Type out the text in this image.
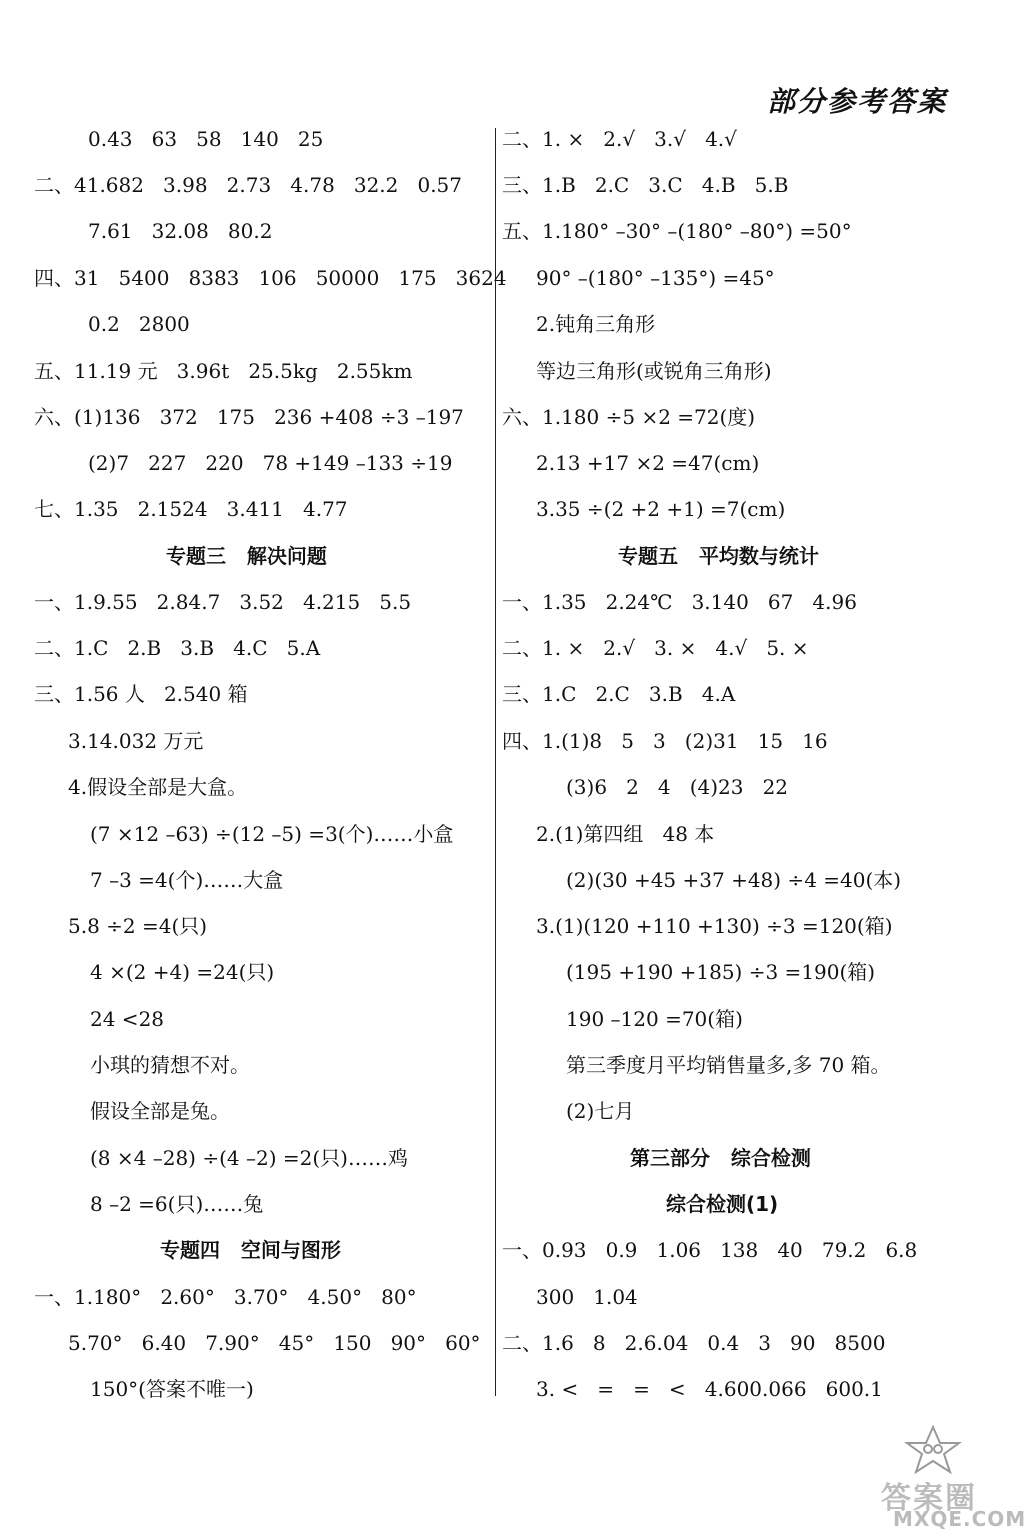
部分参考答案
0.43   63   58   140   25
二、41.682   3.98   2.73   4.78   32.2   0.57
7.61   32.08   80.2
四、31   5400   8383   106   50000   175   3624
0.2   2800
五、11.19 元   3.96t   25.5kg   2.55km
六、(1)136   372   175   236 +408 ÷3 –197
(2)7   227   220   78 +149 –133 ÷19
七、1.35   2.1524   3.411   4.77
专题三   解决问题
一、1.9.55   2.84.7   3.52   4.215   5.5
二、1.C   2.B   3.B   4.C   5.A
三、1.56 人   2.540 箱
3.14.032 万元
4.假设全部是大盒。
(7 ×12 –63) ÷(12 –5) =3(个)……小盒
7 –3 =4(个)……大盒
5.8 ÷2 =4(只)
4 ×(2 +4) =24(只)
24 <28
小琪的猜想不对。
假设全部是兔。
(8 ×4 –28) ÷(4 –2) =2(只)……鸡
8 –2 =6(只)……兔
专题四   空间与图形
一、1.180°   2.60°   3.70°   4.50°   80°
5.70°   6.40   7.90°   45°   150   90°   60°
150°(答案不唯一)
二、1. ×   2.√   3.√   4.√
三、1.B   2.C   3.C   4.B   5.B
五、1.180° –30° –(180° –80°) =50°
90° –(180° –135°) =45°
2.钝角三角形
等边三角形(或锐角三角形)
六、1.180 ÷5 ×2 =72(度)
2.13 +17 ×2 =47(cm)
3.35 ÷(2 +2 +1) =7(cm)
专题五   平均数与统计
一、1.35   2.24℃   3.140   67   4.96
二、1. ×   2.√   3. ×   4.√   5. ×
三、1.C   2.C   3.B   4.A
四、1.(1)8   5   3   (2)31   15   16
(3)6   2   4   (4)23   22
2.(1)第四组   48 本
(2)(30 +45 +37 +48) ÷4 =40(本)
3.(1)(120 +110 +130) ÷3 =120(箱)
(195 +190 +185) ÷3 =190(箱)
190 –120 =70(箱)
第三季度月平均销售量多,多 70 箱。
(2)七月
第三部分   综合检测
综合检测(1)
一、0.93   0.9   1.06   138   40   79.2   6.8
300   1.04
二、1.6   8   2.6.04   0.4   3   90   8500
3. <   =   =   <   4.600.066   600.1
答案圈
MXQE.COM
